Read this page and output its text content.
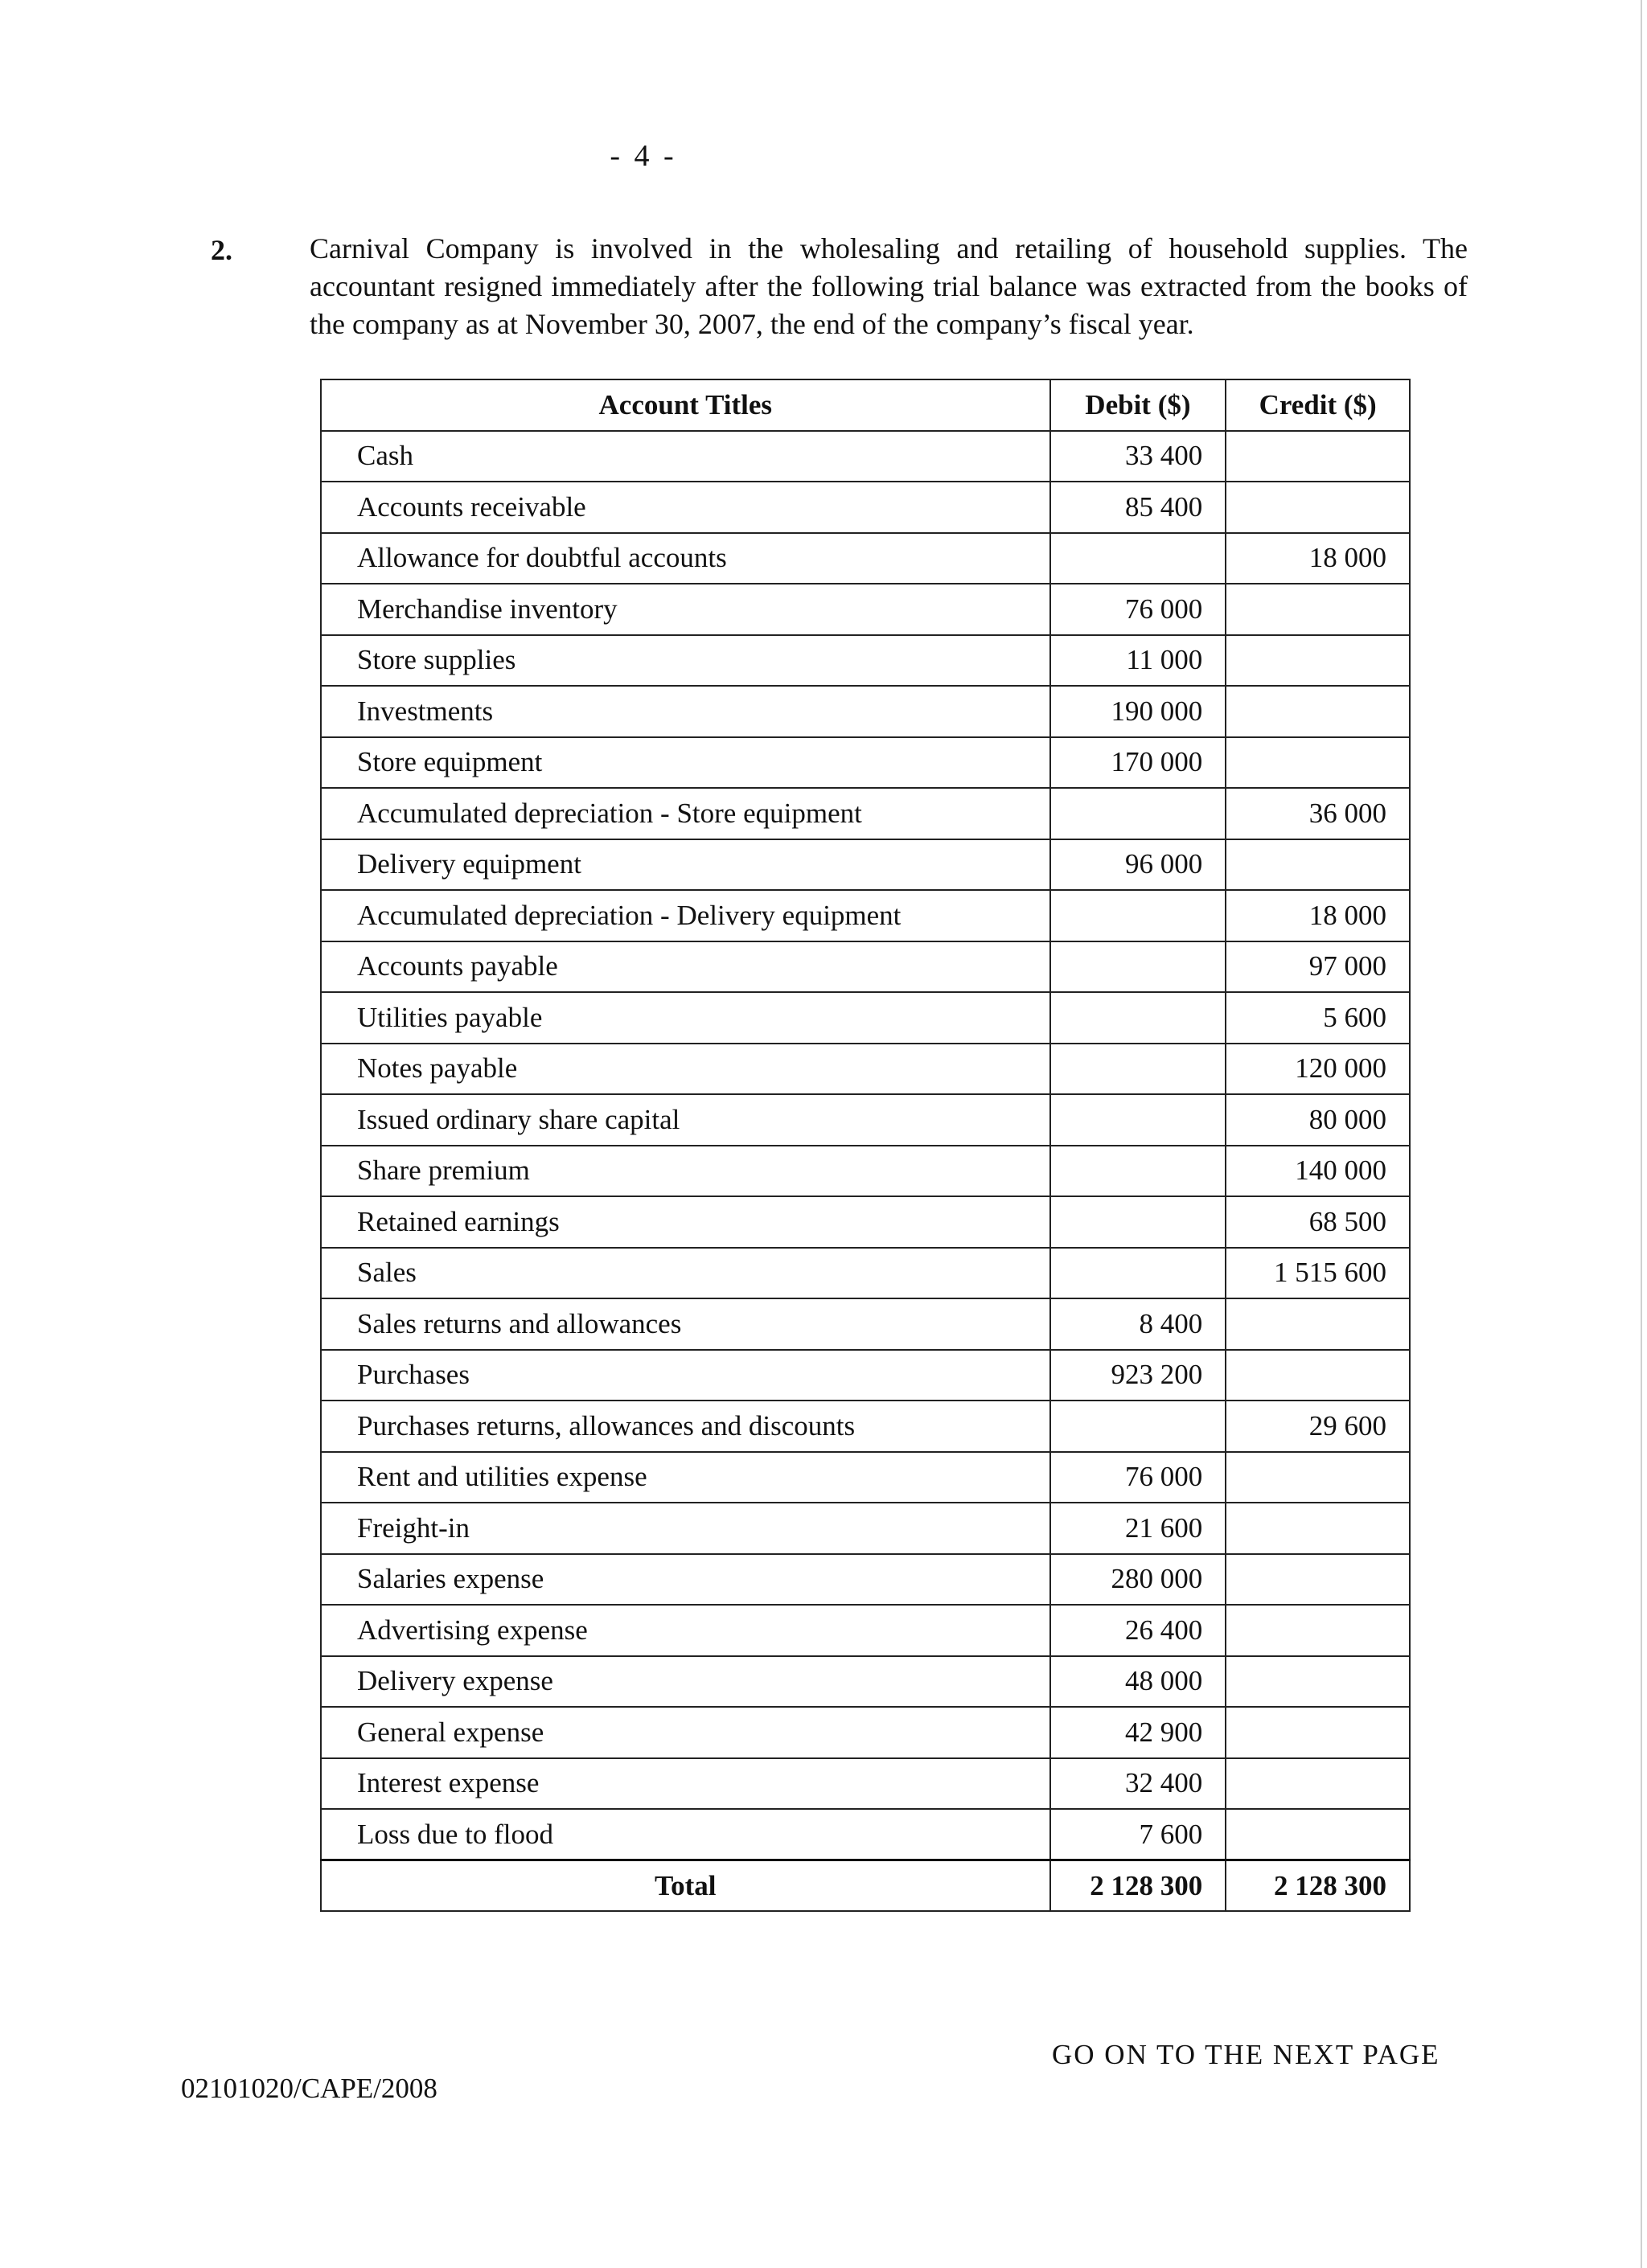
- 4 -
2.	Carnival Company is involved in the wholesaling and retailing of household supplies. The accountant resigned immediately after the following trial balance was extracted from the books of the company as at November 30, 2007, the end of the company’s fiscal year.
Account Titles	Debit ($)	Credit ($)
Cash	33 400	
Accounts receivable	85 400	
Allowance for doubtful accounts		18 000
Merchandise inventory	76 000	
Store supplies	11 000	
Investments	190 000	
Store equipment	170 000	
Accumulated depreciation - Store equipment		36 000
Delivery equipment	96 000	
Accumulated depreciation - Delivery equipment		18 000
Accounts payable		97 000
Utilities payable		5 600
Notes payable		120 000
Issued ordinary share capital		80 000
Share premium		140 000
Retained earnings		68 500
Sales		1 515 600
Sales returns and allowances	8 400	
Purchases	923 200	
Purchases returns, allowances and discounts		29 600
Rent and utilities expense	76 000	
Freight-in	21 600	
Salaries expense	280 000	
Advertising expense	26 400	
Delivery expense	48 000	
General expense	42 900	
Interest expense	32 400	
Loss due to flood	7 600	
Total	2 128 300	2 128 300
02101020/CAPE/2008
GO ON TO THE NEXT PAGE
